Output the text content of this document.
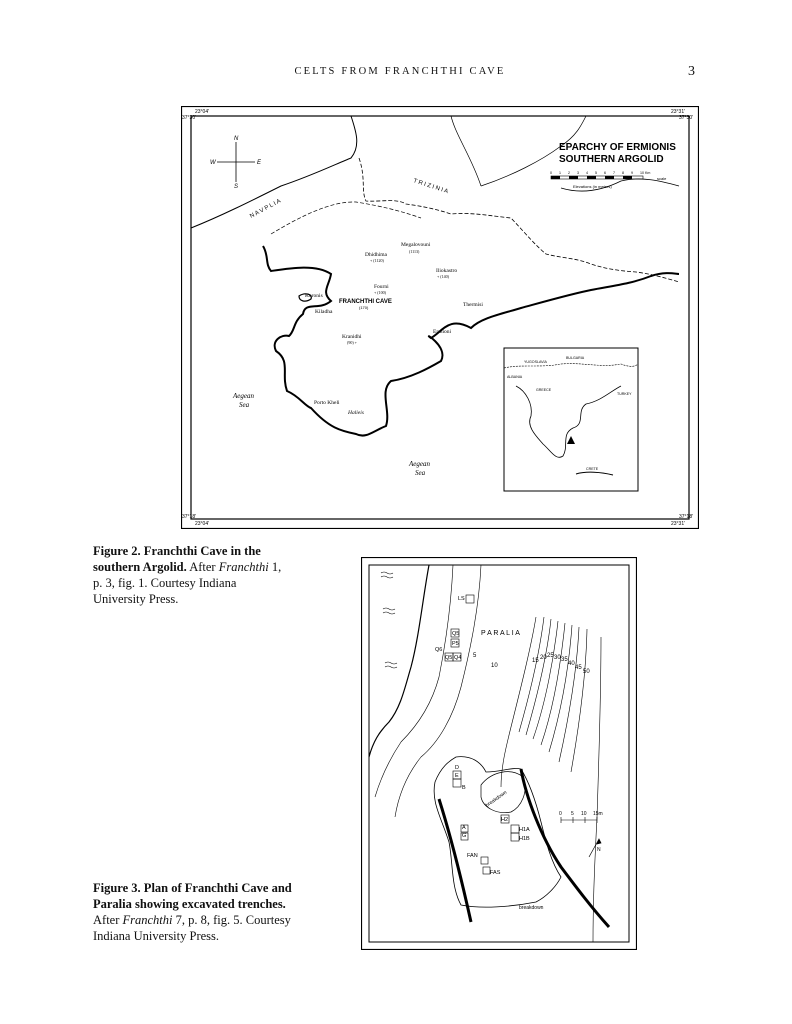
CELTS FROM FRANCHTHI CAVE	3
23°04'
37°30'
23°31'
37°30'
37°18'
23°04'	23°31'
37°18'
N
S
W	E
EPARCHY OF ERMIONIS
SOUTHERN ARGOLID
0 1 2 3 4 5 6 7 8 9 10 Km
scale
Elevations (in meters)
N A V P L I A
T R I Z I N I A
Dhidhima + (1120) Megalovouni (1113) Iliokastro + (140) Fourni + (100) Kranidhi (90) + Koronis Kiladha Thermisi Ermioni Porto Kheli
FRANCHTHI CAVE
(170)
Halieis
Aegean Sea Aegean Sea
YUGOSLAVIA BULGARIA ALBANIA TURKEY GREECE CRETE
Figure 2. Franchthi Cave in the southern Argolid. After Franchthi 1, p. 3, fig. 1. Courtesy Indiana University Press.	LS Q5 P5 Q6 Q5 Q4 D E B H2 H1A H1B A G FAN FAS
P A R A L I A
5 10 15 20 25 30 35 40 45 50
breakdown
breakdown
0 5 10 15m
N
Figure 3. Plan of Franchthi Cave and Paralia showing excavated trenches. After Franchthi 7, p. 8, fig. 5. Courtesy Indiana University Press.
